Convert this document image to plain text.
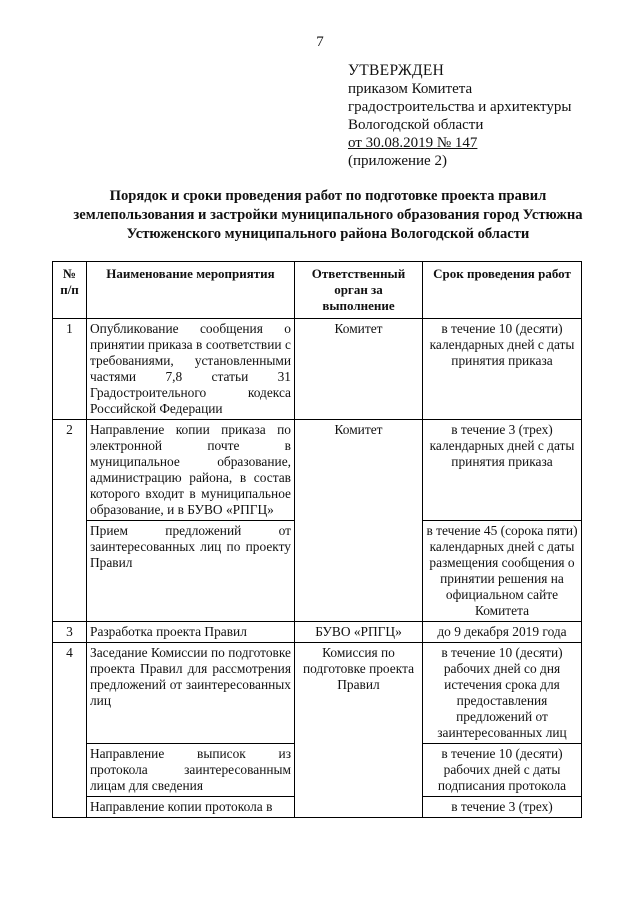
7
УТВЕРЖДЕН
приказом Комитета
градостроительства и архитектуры
Вологодской области
от 30.08.2019 № 147
(приложение 2)
Порядок и сроки проведения работ по подготовке проекта правил землепользования и застройки муниципального образования город Устюжна Устюженского муниципального района Вологодской области
№ п/п	Наименование мероприятия	Ответственный орган за выполнение	Срок проведения работ
1	Опубликование сообщения о принятии приказа в соответствии с требованиями, установленными частями 7,8 статьи 31 Градостроительного кодекса Российской Федерации	Комитет	в течение 10 (десяти) календарных дней с даты принятия приказа
2	Направление копии приказа по электронной почте в муниципальное образование, администрацию района, в состав которого входит в муниципальное образование, и в БУВО «РПГЦ»	Комитет	в течение 3 (трех) календарных дней с даты принятия приказа
	Прием предложений от заинтересованных лиц по проекту Правил		в течение 45 (сорока пяти) календарных дней с даты размещения сообщения о принятии решения на официальном сайте Комитета
3	Разработка проекта Правил	БУВО «РПГЦ»	до 9 декабря 2019 года
4	Заседание Комиссии по подготовке проекта Правил для рассмотрения предложений от заинтересованных лиц	Комиссия по подготовке проекта Правил	в течение 10 (десяти) рабочих дней со дня истечения срока для предоставления предложений от заинтересованных лиц
	Направление выписок из протокола заинтересованным лицам для сведения		в течение 10 (десяти) рабочих дней с даты подписания протокола
	Направление копии протокола в		в течение 3 (трех)
